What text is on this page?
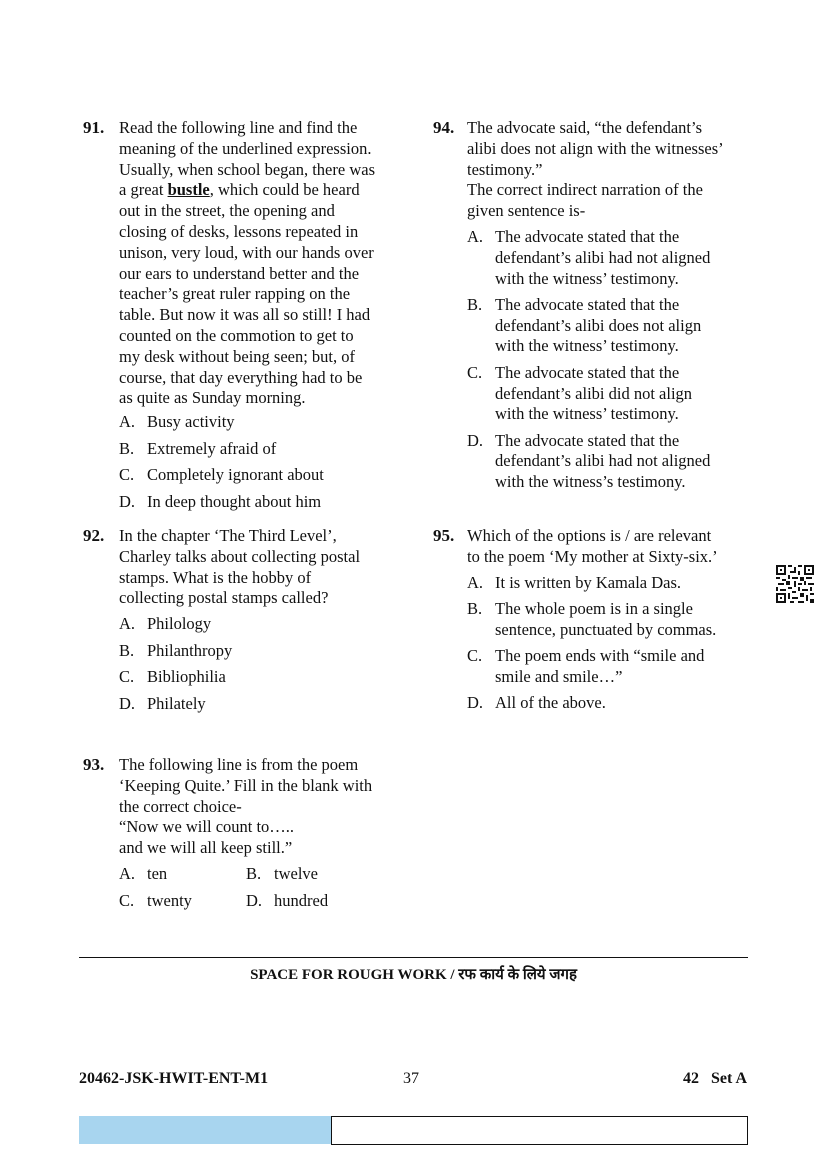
91. Read the following line and find the
meaning of the underlined expression.
Usually, when school began, there was
a great bustle, which could be heard
out in the street, the opening and
closing of desks, lessons repeated in
unison, very loud, with our hands over
our ears to understand better and the
teacher’s great ruler rapping on the
table. But now it was all so still! I had
counted on the commotion to get to
my desk without being seen; but, of
course, that day everything had to be
as quite as Sunday morning.
A. Busy activity
B. Extremely afraid of
C. Completely ignorant about
D. In deep thought about him
92. In the chapter ‘The Third Level’,
Charley talks about collecting postal
stamps. What is the hobby of
collecting postal stamps called?
A. Philology
B. Philanthropy
C. Bibliophilia
D. Philately
93. The following line is from the poem
‘Keeping Quite.’ Fill in the blank with
the correct choice-
“Now we will count to…..
and we will all keep still.”
A. ten	B. twelve
C. twenty	D. hundred
94. The advocate said, “the defendant’s
alibi does not align with the witnesses’
testimony.”
The correct indirect narration of the
given sentence is-
A. The advocate stated that the
defendant’s alibi had not aligned
with the witness’ testimony.
B. The advocate stated that the
defendant’s alibi does not align
with the witness’ testimony.
C. The advocate stated that the
defendant’s alibi did not align
with the witness’ testimony.
D. The advocate stated that the
defendant’s alibi had not aligned
with the witness’s testimony.
95. Which of the options is / are relevant
to the poem ‘My mother at Sixty-six.’
A. It is written by Kamala Das.
B. The whole poem is in a single
sentence, punctuated by commas.
C. The poem ends with “smile and
smile and smile…”
D. All of the above.
SPACE FOR ROUGH WORK / रफ कार्य के लिये जगह
20462-JSK-HWIT-ENT-M1	37	42   Set A
